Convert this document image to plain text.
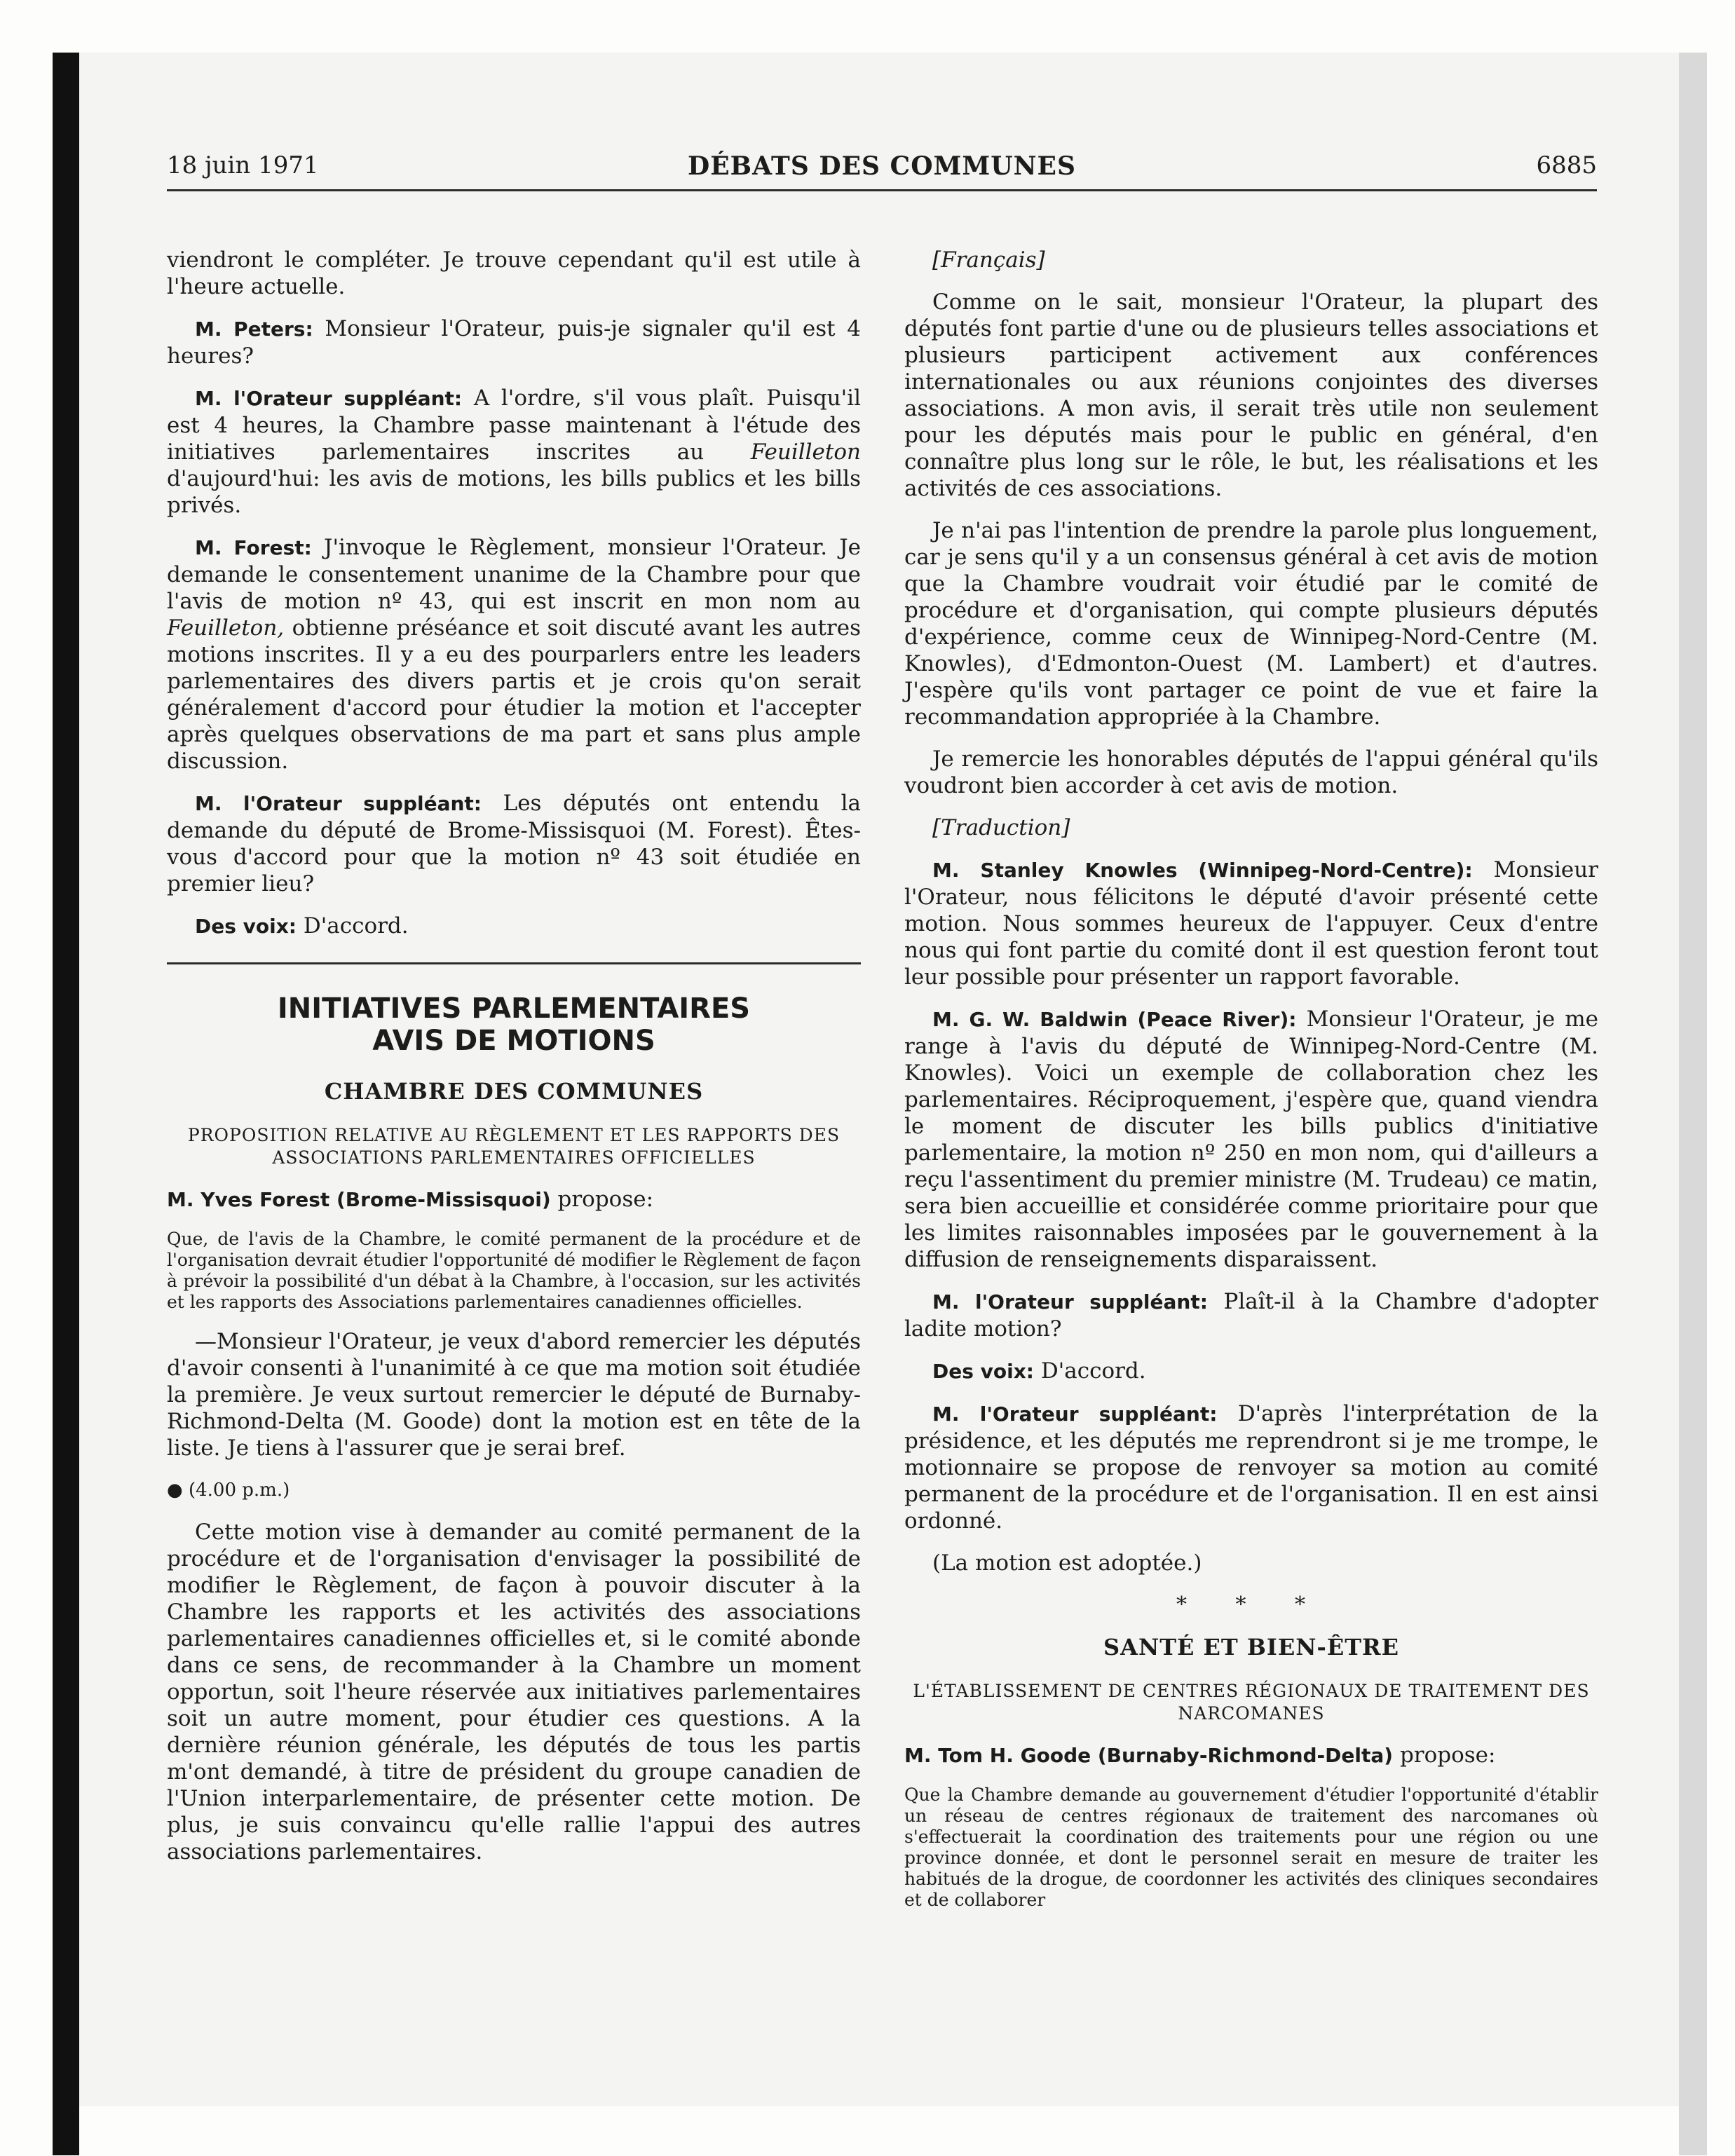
18 juin 1971	DÉBATS DES COMMUNES	6885

viendront le compléter. Je trouve cependant qu'il est utile à l'heure actuelle.

M. Peters: Monsieur l'Orateur, puis-je signaler qu'il est 4 heures?

M. l'Orateur suppléant: A l'ordre, s'il vous plaît. Puisqu'il est 4 heures, la Chambre passe maintenant à l'étude des initiatives parlementaires inscrites au Feuilleton d'aujourd'hui: les avis de motions, les bills publics et les bills privés.

M. Forest: J'invoque le Règlement, monsieur l'Orateur. Je demande le consentement unanime de la Chambre pour que l'avis de motion nº 43, qui est inscrit en mon nom au Feuilleton, obtienne préséance et soit discuté avant les autres motions inscrites. Il y a eu des pourparlers entre les leaders parlementaires des divers partis et je crois qu'on serait généralement d'accord pour étudier la motion et l'accepter après quelques observations de ma part et sans plus ample discussion.

M. l'Orateur suppléant: Les députés ont entendu la demande du député de Brome-Missisquoi (M. Forest). Êtes-vous d'accord pour que la motion nº 43 soit étudiée en premier lieu?

Des voix: D'accord.

INITIATIVES PARLEMENTAIRES
AVIS DE MOTIONS
CHAMBRE DES COMMUNES
PROPOSITION RELATIVE AU RÈGLEMENT ET LES RAPPORTS DES ASSOCIATIONS PARLEMENTAIRES OFFICIELLES

M. Yves Forest (Brome-Missisquoi) propose:

Que, de l'avis de la Chambre, le comité permanent de la procédure et de l'organisation devrait étudier l'opportunité dé modifier le Règlement de façon à prévoir la possibilité d'un débat à la Chambre, à l'occasion, sur les activités et les rapports des Associations parlementaires canadiennes officielles.

—Monsieur l'Orateur, je veux d'abord remercier les députés d'avoir consenti à l'unanimité à ce que ma motion soit étudiée la première. Je veux surtout remercier le député de Burnaby-Richmond-Delta (M. Goode) dont la motion est en tête de la liste. Je tiens à l'assurer que je serai bref.

● (4.00 p.m.)

Cette motion vise à demander au comité permanent de la procédure et de l'organisation d'envisager la possibilité de modifier le Règlement, de façon à pouvoir discuter à la Chambre les rapports et les activités des associations parlementaires canadiennes officielles et, si le comité abonde dans ce sens, de recommander à la Chambre un moment opportun, soit l'heure réservée aux initiatives parlementaires soit un autre moment, pour étudier ces questions. A la dernière réunion générale, les députés de tous les partis m'ont demandé, à titre de président du groupe canadien de l'Union interparlementaire, de présenter cette motion. De plus, je suis convaincu qu'elle rallie l'appui des autres associations parlementaires.

[Français]

Comme on le sait, monsieur l'Orateur, la plupart des députés font partie d'une ou de plusieurs telles associations et plusieurs participent activement aux conférences internationales ou aux réunions conjointes des diverses associations. A mon avis, il serait très utile non seulement pour les députés mais pour le public en général, d'en connaître plus long sur le rôle, le but, les réalisations et les activités de ces associations.

Je n'ai pas l'intention de prendre la parole plus longuement, car je sens qu'il y a un consensus général à cet avis de motion que la Chambre voudrait voir étudié par le comité de procédure et d'organisation, qui compte plusieurs députés d'expérience, comme ceux de Winnipeg-Nord-Centre (M. Knowles), d'Edmonton-Ouest (M. Lambert) et d'autres. J'espère qu'ils vont partager ce point de vue et faire la recommandation appropriée à la Chambre.

Je remercie les honorables députés de l'appui général qu'ils voudront bien accorder à cet avis de motion.

[Traduction]

M. Stanley Knowles (Winnipeg-Nord-Centre): Monsieur l'Orateur, nous félicitons le député d'avoir présenté cette motion. Nous sommes heureux de l'appuyer. Ceux d'entre nous qui font partie du comité dont il est question feront tout leur possible pour présenter un rapport favorable.

M. G. W. Baldwin (Peace River): Monsieur l'Orateur, je me range à l'avis du député de Winnipeg-Nord-Centre (M. Knowles). Voici un exemple de collaboration chez les parlementaires. Réciproquement, j'espère que, quand viendra le moment de discuter les bills publics d'initiative parlementaire, la motion nº 250 en mon nom, qui d'ailleurs a reçu l'assentiment du premier ministre (M. Trudeau) ce matin, sera bien accueillie et considérée comme prioritaire pour que les limites raisonnables imposées par le gouvernement à la diffusion de renseignements disparaissent.

M. l'Orateur suppléant: Plaît-il à la Chambre d'adopter ladite motion?

Des voix: D'accord.

M. l'Orateur suppléant: D'après l'interprétation de la présidence, et les députés me reprendront si je me trompe, le motionnaire se propose de renvoyer sa motion au comité permanent de la procédure et de l'organisation. Il en est ainsi ordonné.

(La motion est adoptée.)

* * *

SANTÉ ET BIEN-ÊTRE
L'ÉTABLISSEMENT DE CENTRES RÉGIONAUX DE TRAITEMENT DES NARCOMANES

M. Tom H. Goode (Burnaby-Richmond-Delta) propose:

Que la Chambre demande au gouvernement d'étudier l'opportunité d'établir un réseau de centres régionaux de traitement des narcomanes où s'effectuerait la coordination des traitements pour une région ou une province donnée, et dont le personnel serait en mesure de traiter les habitués de la drogue, de coordonner les activités des cliniques secondaires et de collaborer
